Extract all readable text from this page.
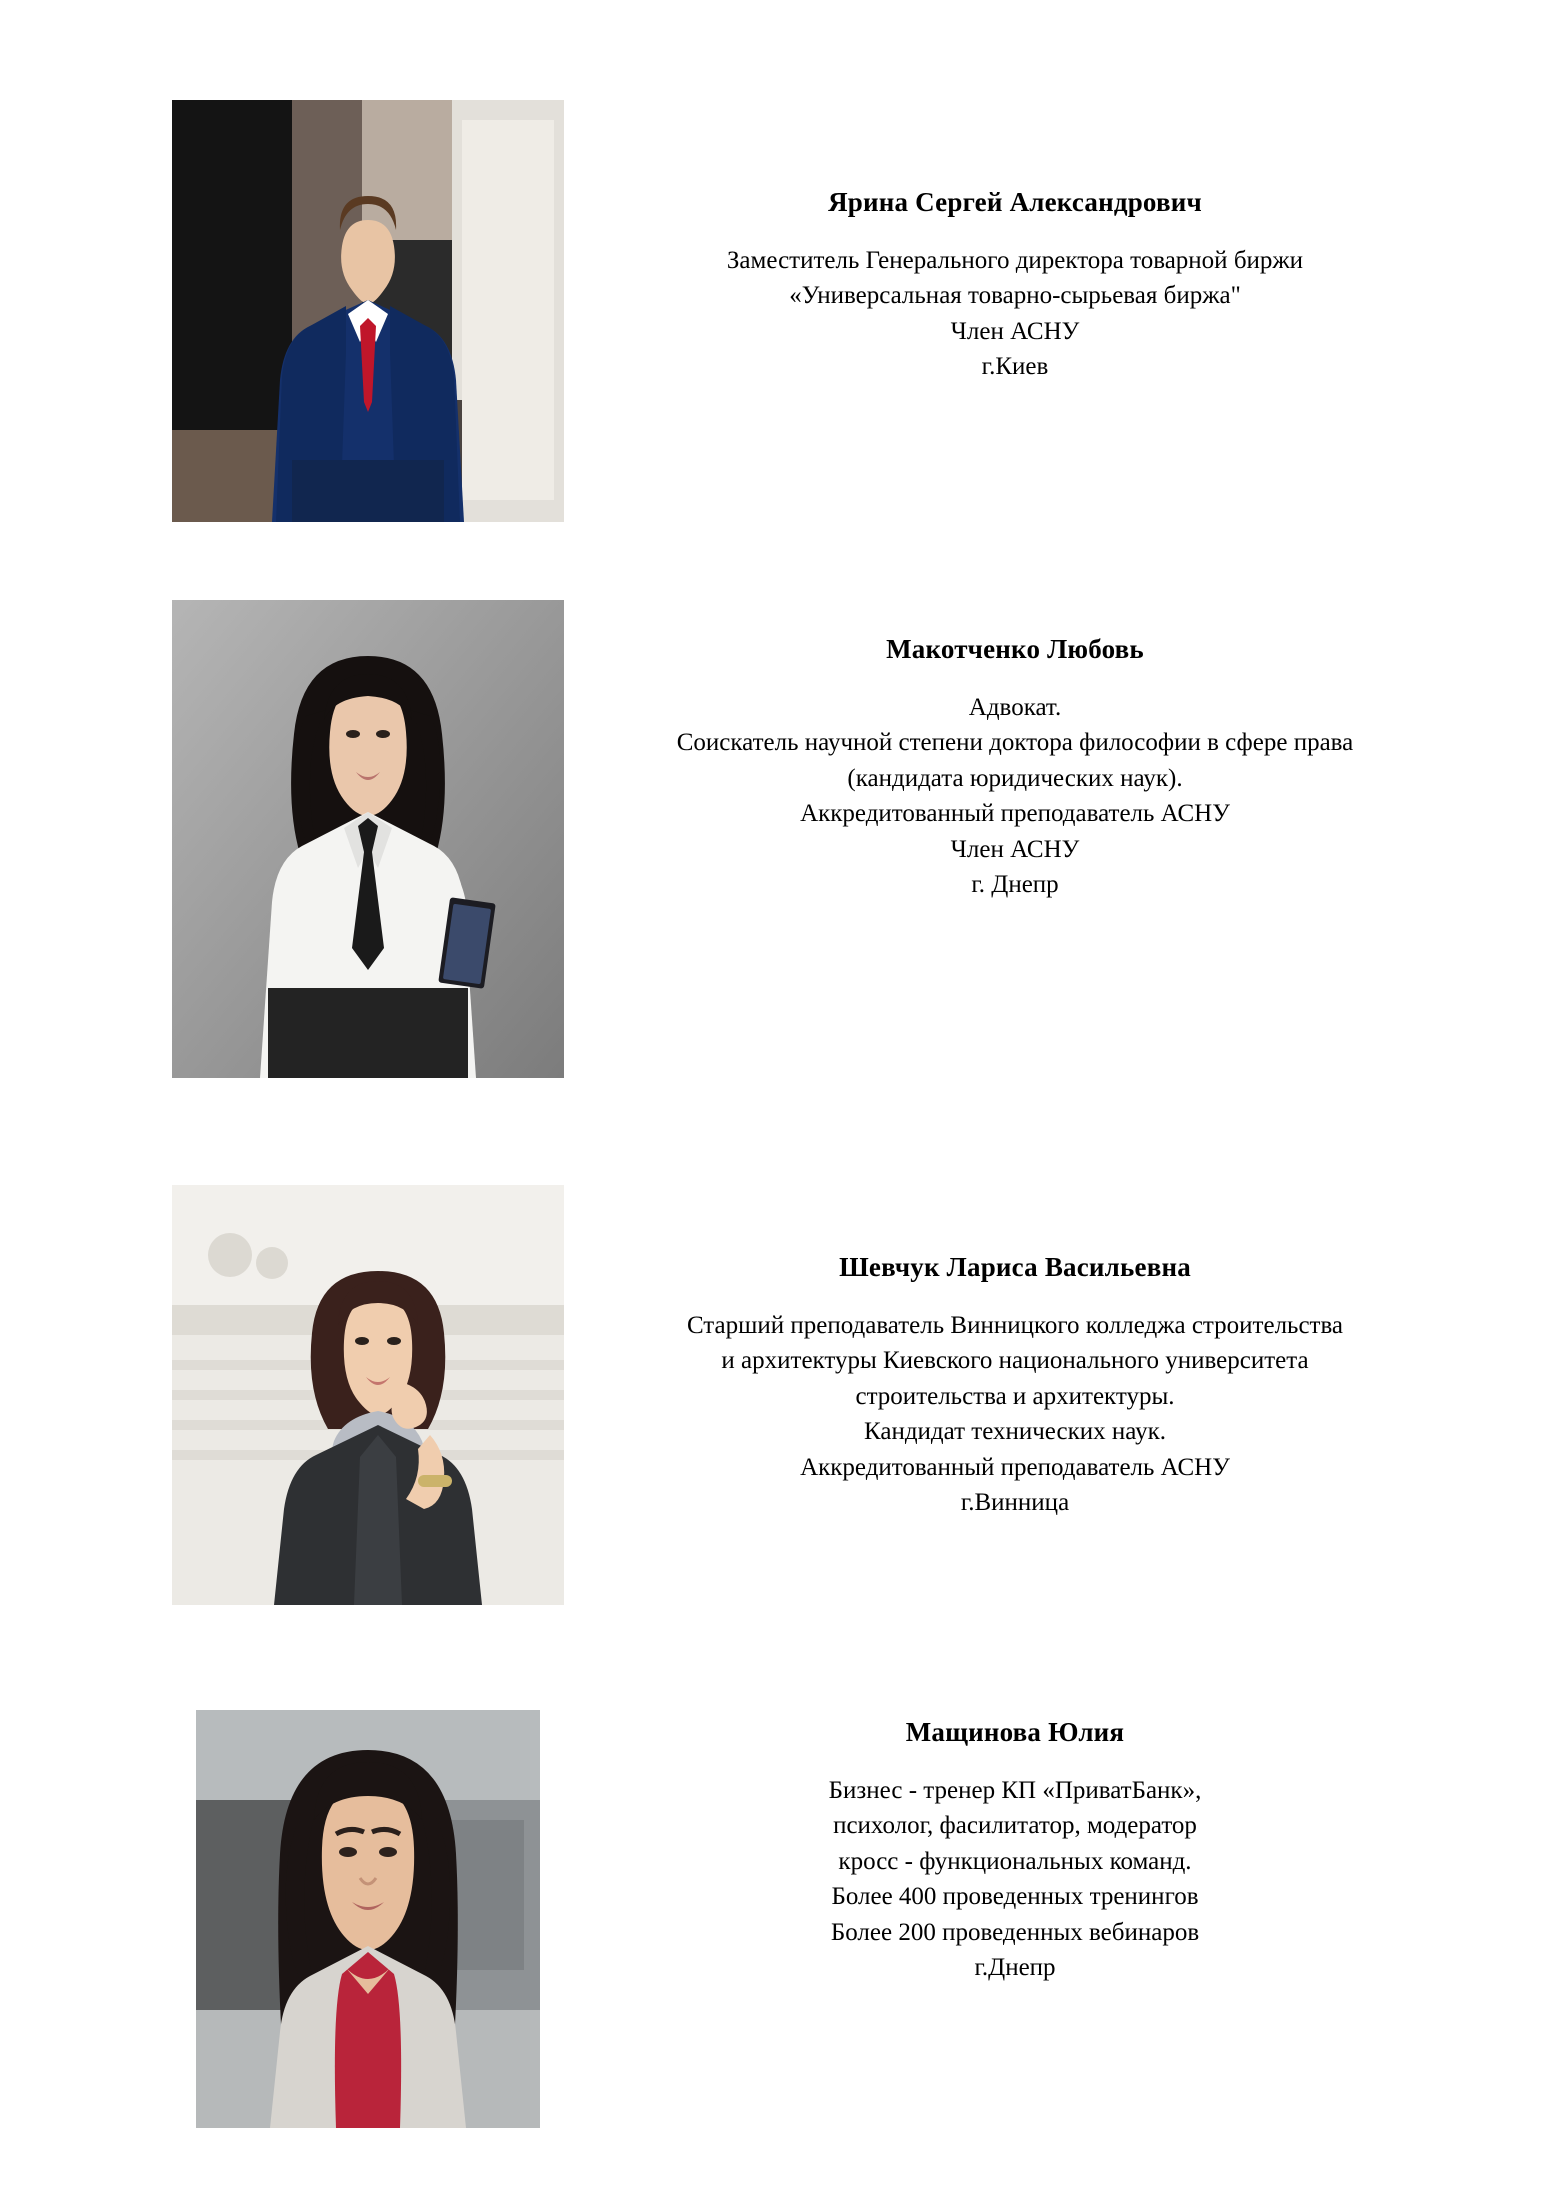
Ярина Сергей Александрович
Заместитель Генерального директора товарной биржи
«Универсальная товарно-сырьевая биржа"
Член АСНУ
г.Киев
Макотченко Любовь
Адвокат.
Соискатель научной степени доктора философии в сфере права
(кандидата юридических наук).
Аккредитованный преподаватель АСНУ
Член АСНУ
г. Днепр
Шевчук Лариса Васильевна
Старший преподаватель Винницкого колледжа строительства
и архитектуры Киевского национального университета
строительства и архитектуры.
Кандидат технических наук.
Аккредитованный преподаватель АСНУ
г.Винница
Мащинова Юлия
Бизнес - тренер КП «ПриватБанк»,
психолог, фасилитатор, модератор
кросс - функциональных команд.
Более 400 проведенных тренингов
Более 200 проведенных вебинаров
г.Днепр
